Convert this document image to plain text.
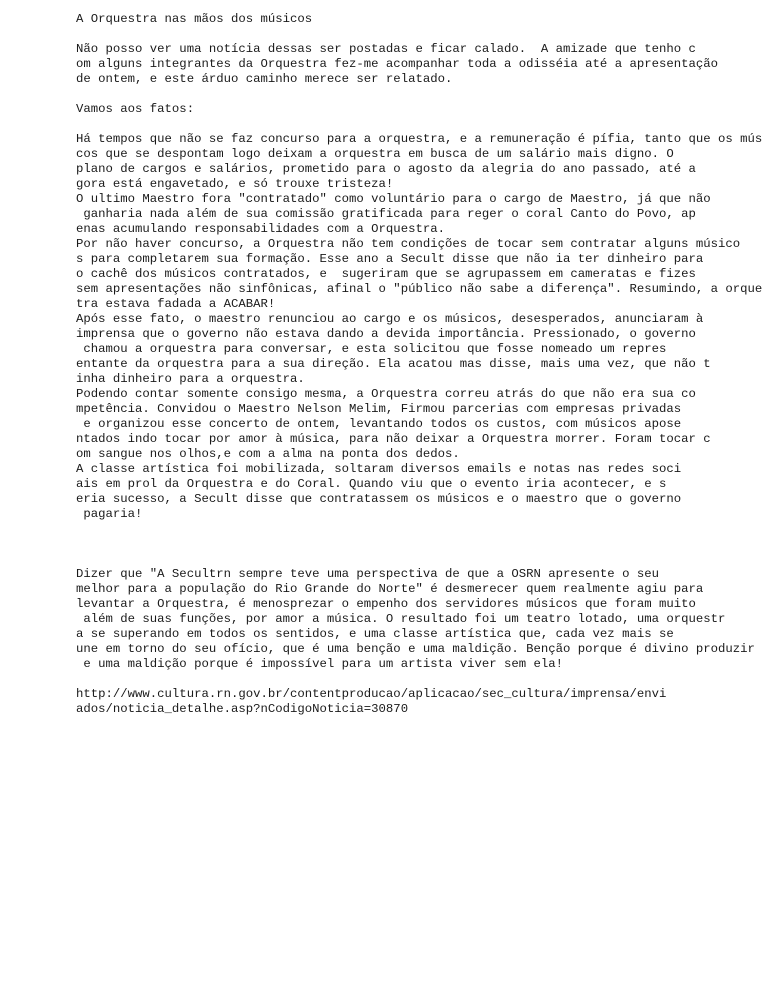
A Orquestra nas mãos dos músicos
Não posso ver uma notícia dessas ser postadas e ficar calado.  A amizade que tenho c
om alguns integrantes da Orquestra fez-me acompanhar toda a odisséia até a apresentação
de ontem, e este árduo caminho merece ser relatado.
Vamos aos fatos:
Há tempos que não se faz concurso para a orquestra, e a remuneração é pífia, tanto que os mús
cos que se despontam logo deixam a orquestra em busca de um salário mais digno. O
plano de cargos e salários, prometido para o agosto da alegria do ano passado, até a
gora está engavetado, e só trouxe tristeza!
O ultimo Maestro fora "contratado" como voluntário para o cargo de Maestro, já que não
ganharia nada além de sua comissão gratificada para reger o coral Canto do Povo, ap
enas acumulando responsabilidades com a Orquestra.
Por não haver concurso, a Orquestra não tem condições de tocar sem contratar alguns músico
s para completarem sua formação. Esse ano a Secult disse que não ia ter dinheiro para
o cachê dos músicos contratados, e  sugeriram que se agrupassem em cameratas e fizes
sem apresentações não sinfônicas, afinal o "público não sabe a diferença". Resumindo, a orque
tra estava fadada a ACABAR!
Após esse fato, o maestro renunciou ao cargo e os músicos, desesperados, anunciaram à
imprensa que o governo não estava dando a devida importância. Pressionado, o governo
chamou a orquestra para conversar, e esta solicitou que fosse nomeado um repres
entante da orquestra para a sua direção. Ela acatou mas disse, mais uma vez, que não t
inha dinheiro para a orquestra.
Podendo contar somente consigo mesma, a Orquestra correu atrás do que não era sua co
mpetência. Convidou o Maestro Nelson Melim, Firmou parcerias com empresas privadas
e organizou esse concerto de ontem, levantando todos os custos, com músicos apose
ntados indo tocar por amor à música, para não deixar a Orquestra morrer. Foram tocar c
om sangue nos olhos,e com a alma na ponta dos dedos.
A classe artística foi mobilizada, soltaram diversos emails e notas nas redes soci
ais em prol da Orquestra e do Coral. Quando viu que o evento iria acontecer, e s
eria sucesso, a Secult disse que contratassem os músicos e o maestro que o governo
pagaria!
Dizer que "A Secultrn sempre teve uma perspectiva de que a OSRN apresente o seu
melhor para a população do Rio Grande do Norte" é desmerecer quem realmente agiu para
levantar a Orquestra, é menosprezar o empenho dos servidores músicos que foram muito
além de suas funções, por amor a música. O resultado foi um teatro lotado, uma orquestr
a se superando em todos os sentidos, e uma classe artística que, cada vez mais se
une em torno do seu ofício, que é uma benção e uma maldição. Benção porque é divino produzir
e uma maldição porque é impossível para um artista viver sem ela!
http://www.cultura.rn.gov.br/contentproducao/aplicacao/sec_cultura/imprensa/envi
ados/noticia_detalhe.asp?nCodigoNoticia=30870
